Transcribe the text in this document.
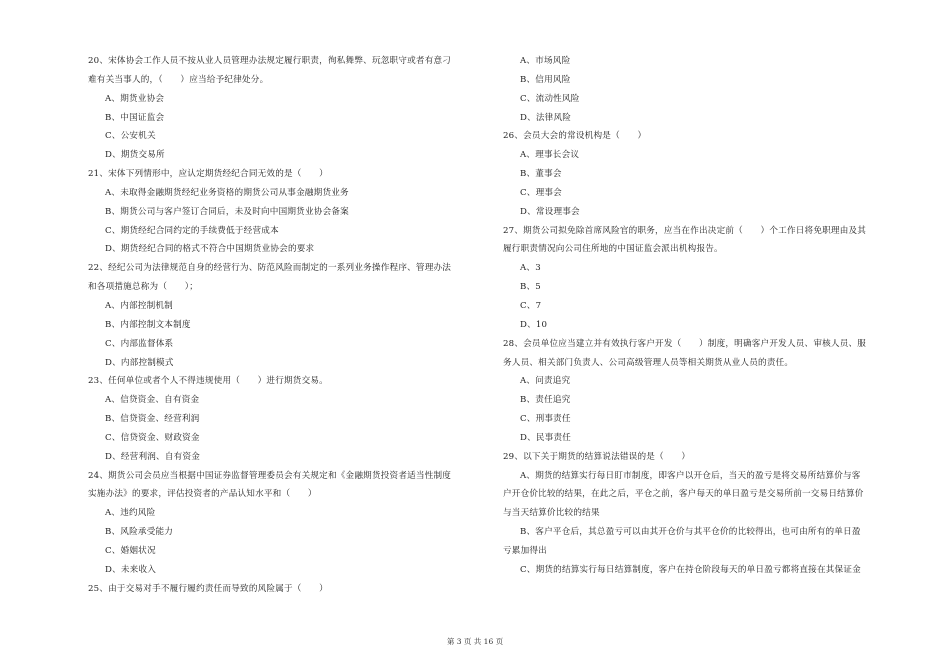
20、宋体协会工作人员不按从业人员管理办法规定履行职责，徇私舞弊、玩忽职守或者有意刁
难有关当事人的，（　　）应当给予纪律处分。
A、期货业协会
B、中国证监会
C、公安机关
D、期货交易所
21、宋体下列情形中，应认定期货经纪合同无效的是（　　）
A、未取得金融期货经纪业务资格的期货公司从事金融期货业务
B、期货公司与客户签订合同后，未及时向中国期货业协会备案
C、期货经纪合同约定的手续费低于经营成本
D、期货经纪合同的格式不符合中国期货业协会的要求
22、经纪公司为法律规范自身的经营行为、防范风险而制定的一系列业务操作程序、管理办法
和各项措施总称为（　　）；
A、内部控制机制
B、内部控制文本制度
C、内部监督体系
D、内部控制模式
23、任何单位或者个人不得违规使用（　　）进行期货交易。
A、信贷资金、自有资金
B、信贷资金、经营利润
C、信贷资金、财政资金
D、经营利润、自有资金
24、期货公司会员应当根据中国证券监督管理委员会有关规定和《金融期货投资者适当性制度
实施办法》的要求，评估投资者的产品认知水平和（　　）
A、违约风险
B、风险承受能力
C、婚姻状况
D、未来收入
25、由于交易对手不履行履约责任而导致的风险属于（　　）
A、市场风险
B、信用风险
C、流动性风险
D、法律风险
26、会员大会的常设机构是（　　）
A、理事长会议
B、董事会
C、理事会
D、常设理事会
27、期货公司拟免除首席风险官的职务，应当在作出决定前（　　）个工作日将免职理由及其
履行职责情况向公司住所地的中国证监会派出机构报告。
A、3
B、5
C、7
D、10
28、会员单位应当建立并有效执行客户开发（　　）制度，明确客户开发人员、审核人员、服
务人员、相关部门负责人、公司高级管理人员等相关期货从业人员的责任。
A、问责追究
B、责任追究
C、刑事责任
D、民事责任
29、以下关于期货的结算说法错误的是（　　）
A、期货的结算实行每日盯市制度，即客户以开仓后，当天的盈亏是将交易所结算价与客
户开仓价比较的结果，在此之后，平仓之前，客户每天的单日盈亏是交易所前一交易日结算价
与当天结算价比较的结果
B、客户平仓后，其总盈亏可以由其开仓价与其平仓价的比较得出，也可由所有的单日盈
亏累加得出
C、期货的结算实行每日结算制度，客户在持仓阶段每天的单日盈亏都将直接在其保证金
第 3 页 共 16 页
